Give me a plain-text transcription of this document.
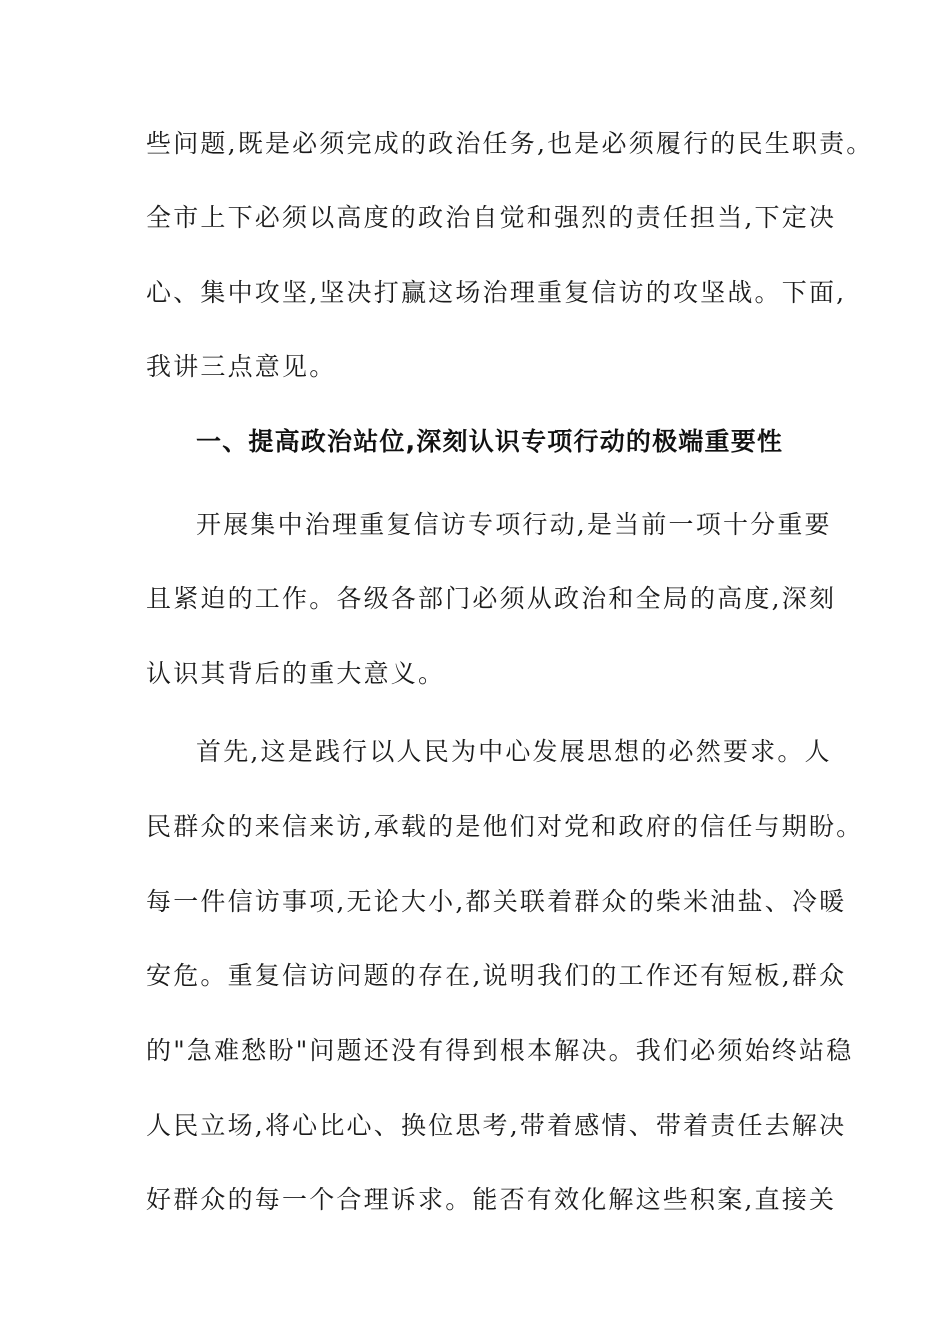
些问题,既是必须完成的政治任务,也是必须履行的民生职责。
全市上下必须以高度的政治自觉和强烈的责任担当,下定决
心、集中攻坚,坚决打赢这场治理重复信访的攻坚战。下面,
我讲三点意见。
一、提高政治站位,深刻认识专项行动的极端重要性
开展集中治理重复信访专项行动,是当前一项十分重要
且紧迫的工作。各级各部门必须从政治和全局的高度,深刻
认识其背后的重大意义。
首先,这是践行以人民为中心发展思想的必然要求。人
民群众的来信来访,承载的是他们对党和政府的信任与期盼。
每一件信访事项,无论大小,都关联着群众的柴米油盐、冷暖
安危。重复信访问题的存在,说明我们的工作还有短板,群众
的"急难愁盼"问题还没有得到根本解决。我们必须始终站稳
人民立场,将心比心、换位思考,带着感情、带着责任去解决
好群众的每一个合理诉求。能否有效化解这些积案,直接关
